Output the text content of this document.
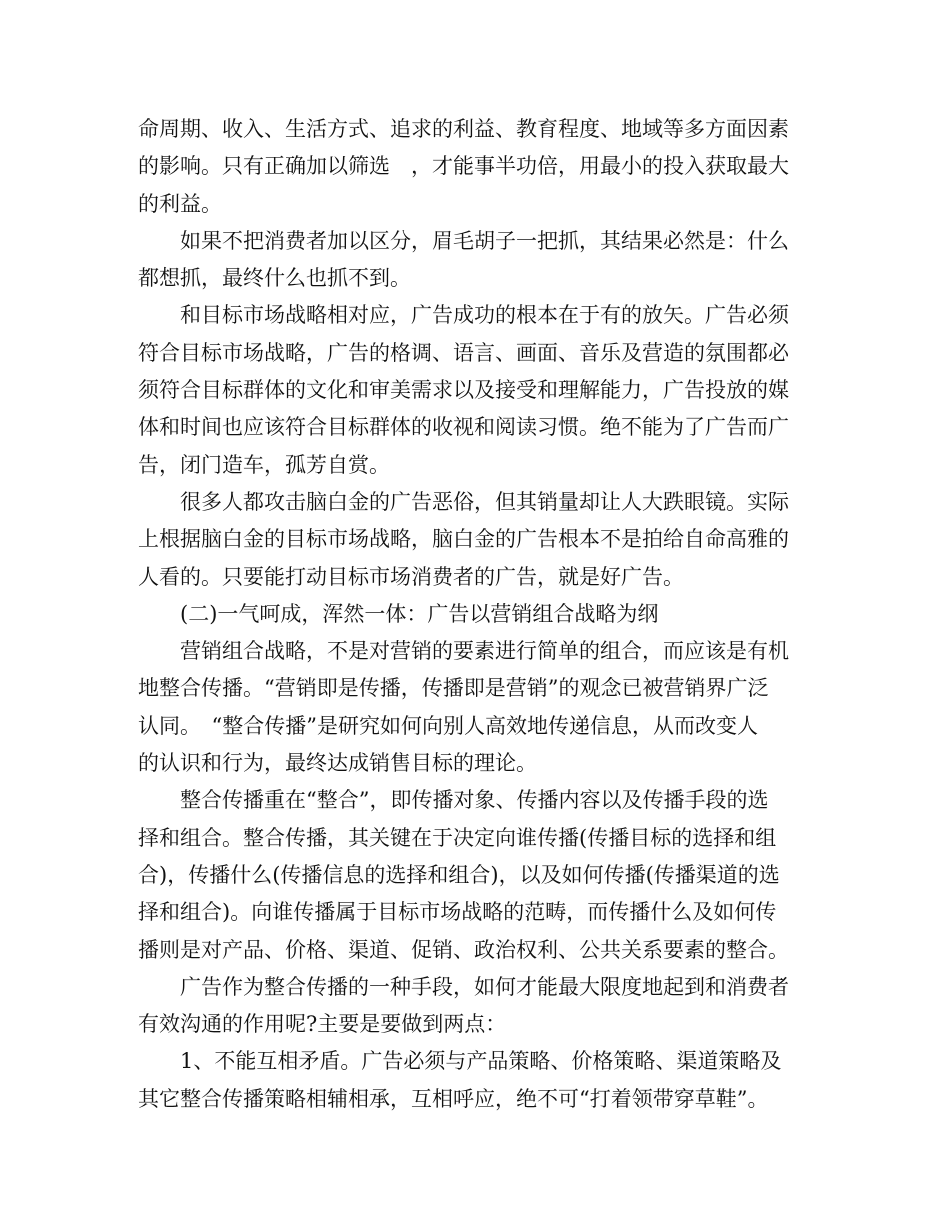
命周期、收入、生活方式、追求的利益、教育程度、地域等多方面因素
的影响。只有正确加以筛选　，才能事半功倍，用最小的投入获取最大
的利益。
　　如果不把消费者加以区分，眉毛胡子一把抓，其结果必然是：什么
都想抓，最终什么也抓不到。
　　和目标市场战略相对应，广告成功的根本在于有的放矢。广告必须
符合目标市场战略，广告的格调、语言、画面、音乐及营造的氛围都必
须符合目标群体的文化和审美需求以及接受和理解能力，广告投放的媒
体和时间也应该符合目标群体的收视和阅读习惯。绝不能为了广告而广
告，闭门造车，孤芳自赏。
　　很多人都攻击脑白金的广告恶俗，但其销量却让人大跌眼镜。实际
上根据脑白金的目标市场战略，脑白金的广告根本不是拍给自命高雅的
人看的。只要能打动目标市场消费者的广告，就是好广告。
　　(二)一气呵成，浑然一体：广告以营销组合战略为纲
　　营销组合战略，不是对营销的要素进行简单的组合，而应该是有机
地整合传播。“营销即是传播，传播即是营销”的观念已被营销界广泛
认同。　“整合传播”是研究如何向别人高效地传递信息，从而改变人
的认识和行为，最终达成销售目标的理论。
　　整合传播重在“整合”，即传播对象、传播内容以及传播手段的选
择和组合。整合传播，其关键在于决定向谁传播(传播目标的选择和组
合)，传播什么(传播信息的选择和组合)，以及如何传播(传播渠道的选
择和组合)。向谁传播属于目标市场战略的范畴，而传播什么及如何传
播则是对产品、价格、渠道、促销、政治权利、公共关系要素的整合。
　　广告作为整合传播的一种手段，如何才能最大限度地起到和消费者
有效沟通的作用呢?主要是要做到两点：
　　1、不能互相矛盾。广告必须与产品策略、价格策略、渠道策略及
其它整合传播策略相辅相承，互相呼应，绝不可“打着领带穿草鞋”。
